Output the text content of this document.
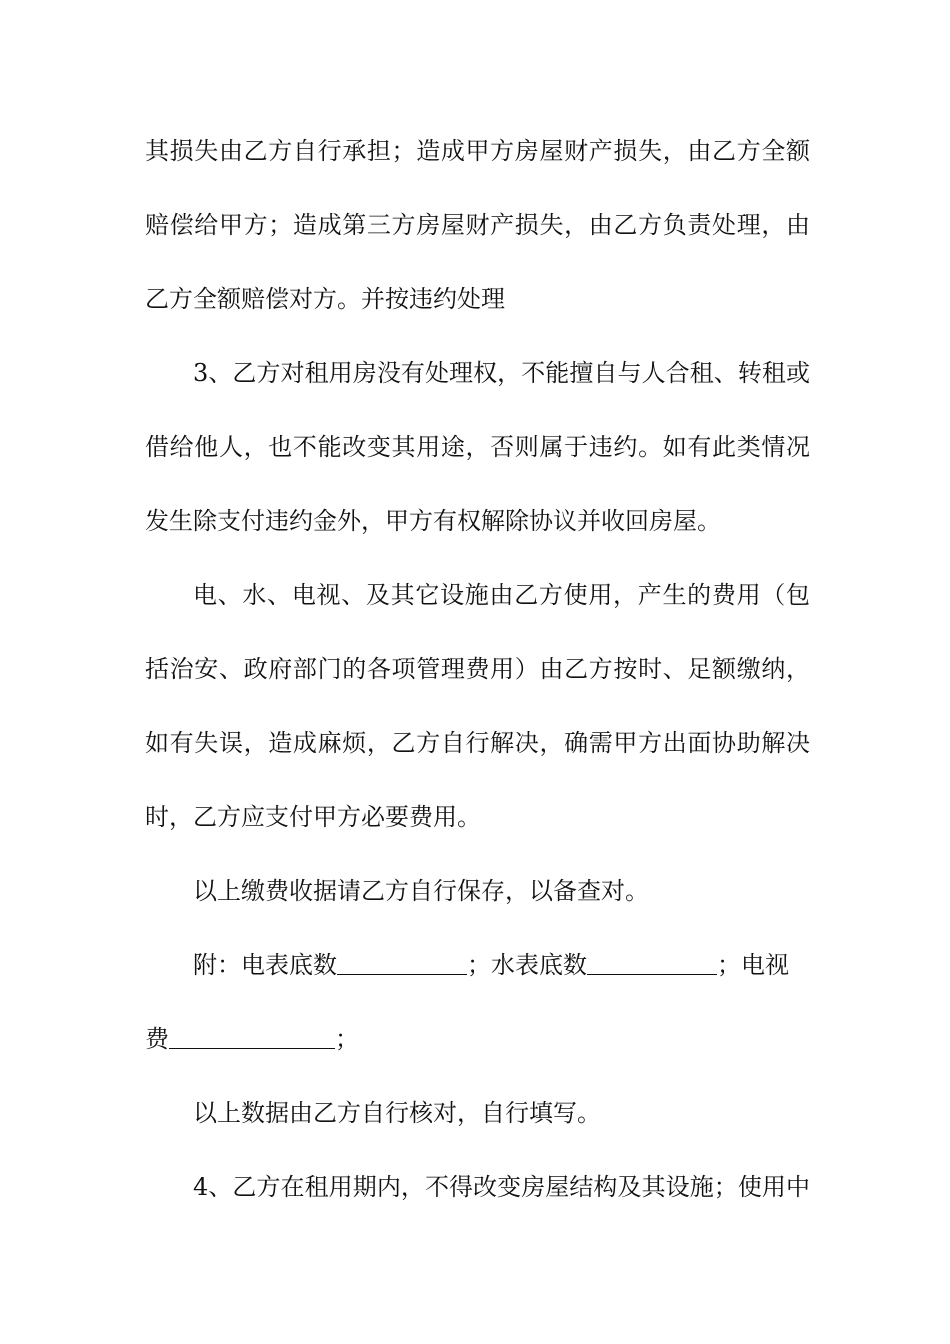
其损失由乙方自行承担；造成甲方房屋财产损失，由乙方全额
赔偿给甲方；造成第三方房屋财产损失，由乙方负责处理，由
乙方全额赔偿对方。并按违约处理
3、乙方对租用房没有处理权，不能擅自与人合租、转租或
借给他人，也不能改变其用途，否则属于违约。如有此类情况
发生除支付违约金外，甲方有权解除协议并收回房屋。
电、水、电视、及其它设施由乙方使用，产生的费用（包
括治安、政府部门的各项管理费用）由乙方按时、足额缴纳，
如有失误，造成麻烦，乙方自行解决，确需甲方出面协助解决
时，乙方应支付甲方必要费用。
以上缴费收据请乙方自行保存，以备查对。
附：电表底数	；水表底数	；电视
费	；
以上数据由乙方自行核对，自行填写。
4、乙方在租用期内，不得改变房屋结构及其设施；使用中
